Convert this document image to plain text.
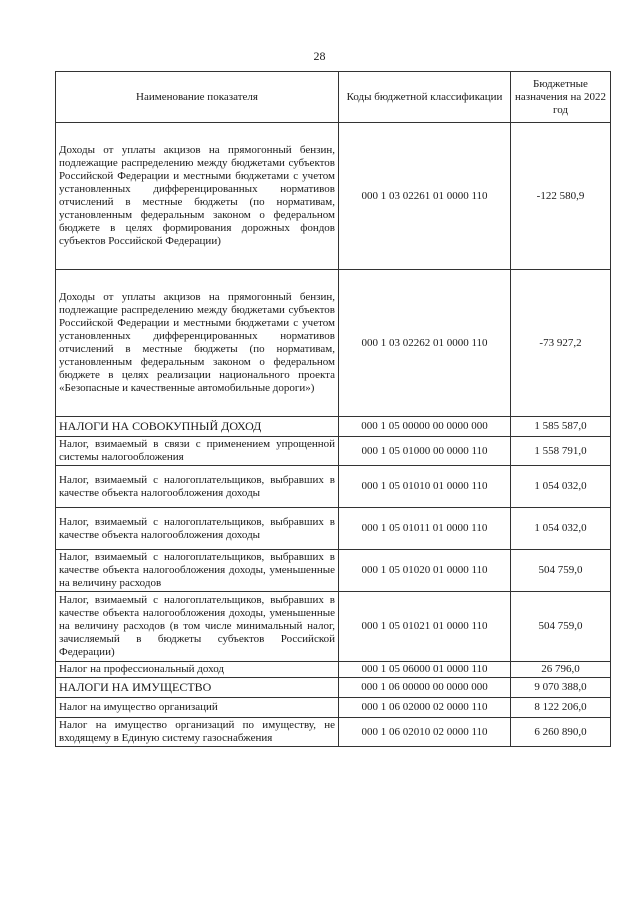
28
Наименование показателя	Коды бюджетной классификации	Бюджетные назначения на 2022 год
Доходы от уплаты акцизов на прямогонный бензин, подлежащие распределению между бюджетами субъектов Российской Федерации и местными бюджетами с учетом установленных дифференцированных нормативов отчислений в местные бюджеты (по нормативам, установленным федеральным законом о федеральном бюджете в целях формирования дорожных фондов субъектов Российской Федерации)	000 1 03 02261 01 0000 110	-122 580,9
Доходы от уплаты акцизов на прямогонный бензин, подлежащие распределению между бюджетами субъектов Российской Федерации и местными бюджетами с учетом установленных дифференцированных нормативов отчислений в местные бюджеты (по нормативам, установленным федеральным законом о федеральном бюджете в целях реализации национального проекта «Безопасные и качественные автомобильные дороги»)	000 1 03 02262 01 0000 110	-73 927,2
НАЛОГИ НА СОВОКУПНЫЙ ДОХОД	000 1 05 00000 00 0000 000	1 585 587,0
Налог, взимаемый в связи с применением упрощенной системы налогообложения	000 1 05 01000 00 0000 110	1 558 791,0
Налог, взимаемый с налогоплательщиков, выбравших в качестве объекта налогообложения доходы	000 1 05 01010 01 0000 110	1 054 032,0
Налог, взимаемый с налогоплательщиков, выбравших в качестве объекта налогообложения доходы	000 1 05 01011 01 0000 110	1 054 032,0
Налог, взимаемый с налогоплательщиков, выбравших в качестве объекта налогообложения доходы, уменьшенные на величину расходов	000 1 05 01020 01 0000 110	504 759,0
Налог, взимаемый с налогоплательщиков, выбравших в качестве объекта налогообложения доходы, уменьшенные на величину расходов (в том числе минимальный налог, зачисляемый в бюджеты субъектов Российской Федерации)	000 1 05 01021 01 0000 110	504 759,0
Налог на профессиональный доход	000 1 05 06000 01 0000 110	26 796,0
НАЛОГИ НА ИМУЩЕСТВО	000 1 06 00000 00 0000 000	9 070 388,0
Налог на имущество организаций	000 1 06 02000 02 0000 110	8 122 206,0
Налог на имущество организаций по имуществу, не входящему в Единую систему газоснабжения	000 1 06 02010 02 0000 110	6 260 890,0
